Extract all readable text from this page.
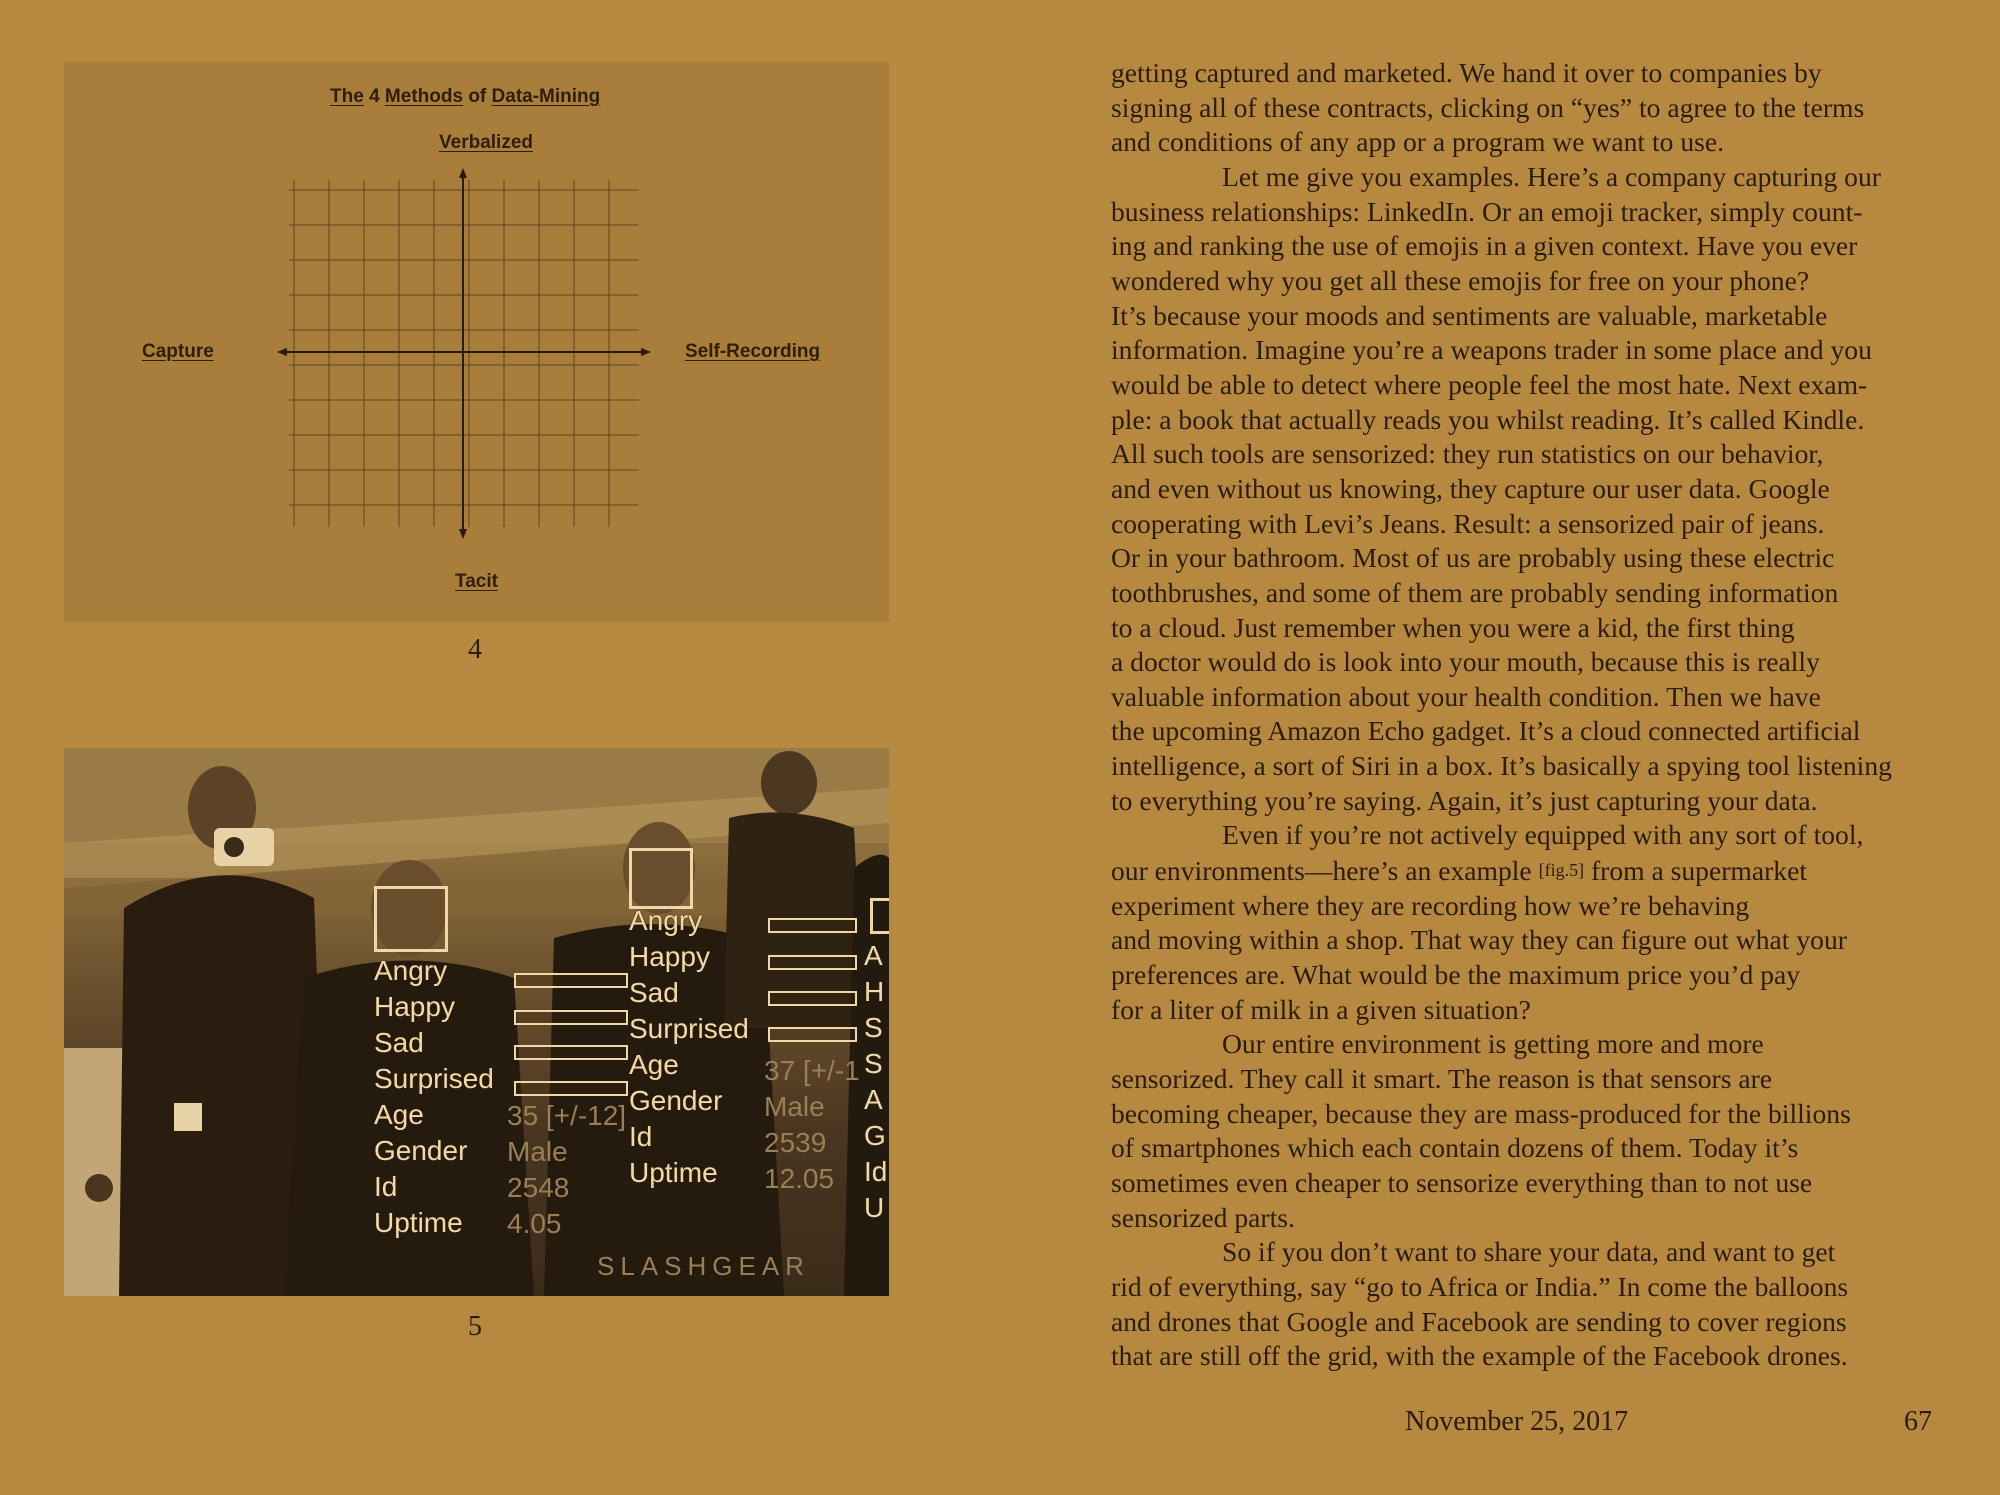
The 4 Methods of Data-Mining
Verbalized
Capture	Self-Recording
Tacit
4
Angry
Happy
Sad
Surprised
Age
Gender
Id
Uptime
35 [+/-12]
Male
2548
4.05
Angry
Happy
Sad
Surprised
Age
Gender
Id
Uptime
37 [+/-1
Male
2539
12.05
A
H
S
S
A
G
Id
U
SLASHGEAR
5
getting captured and marketed. We hand it over to companies by
signing all of these contracts, clicking on “yes” to agree to the terms
and conditions of any app or a program we want to use.
Let me give you examples. Here’s a company capturing our
business relationships: LinkedIn. Or an emoji tracker, simply count-
ing and ranking the use of emojis in a given context. Have you ever
wondered why you get all these emojis for free on your phone?
It’s because your moods and sentiments are valuable, marketable
information. Imagine you’re a weapons trader in some place and you
would be able to detect where people feel the most hate. Next exam-
ple: a book that actually reads you whilst reading. It’s called Kindle.
All such tools are sensorized: they run statistics on our behavior,
and even without us knowing, they capture our user data. Google
cooperating with Levi’s Jeans. Result: a sensorized pair of jeans.
Or in your bathroom. Most of us are probably using these electric
toothbrushes, and some of them are probably sending information
to a cloud. Just remember when you were a kid, the first thing
a doctor would do is look into your mouth, because this is really
valuable information about your health condition. Then we have
the upcoming Amazon Echo gadget. It’s a cloud connected artificial
intelligence, a sort of Siri in a box. It’s basically a spying tool listening
to everything you’re saying. Again, it’s just capturing your data.
Even if you’re not actively equipped with any sort of tool,
our environments—here’s an example [fig.5] from a supermarket
experiment where they are recording how we’re behaving
and moving within a shop. That way they can figure out what your
preferences are. What would be the maximum price you’d pay
for a liter of milk in a given situation?
Our entire environment is getting more and more
sensorized. They call it smart. The reason is that sensors are
becoming cheaper, because they are mass-produced for the billions
of smartphones which each contain dozens of them. Today it’s
sometimes even cheaper to sensorize everything than to not use
sensorized parts.
So if you don’t want to share your data, and want to get
rid of everything, say “go to Africa or India.” In come the balloons
and drones that Google and Facebook are sending to cover regions
that are still off the grid, with the example of the Facebook drones.
November 25, 2017	67
